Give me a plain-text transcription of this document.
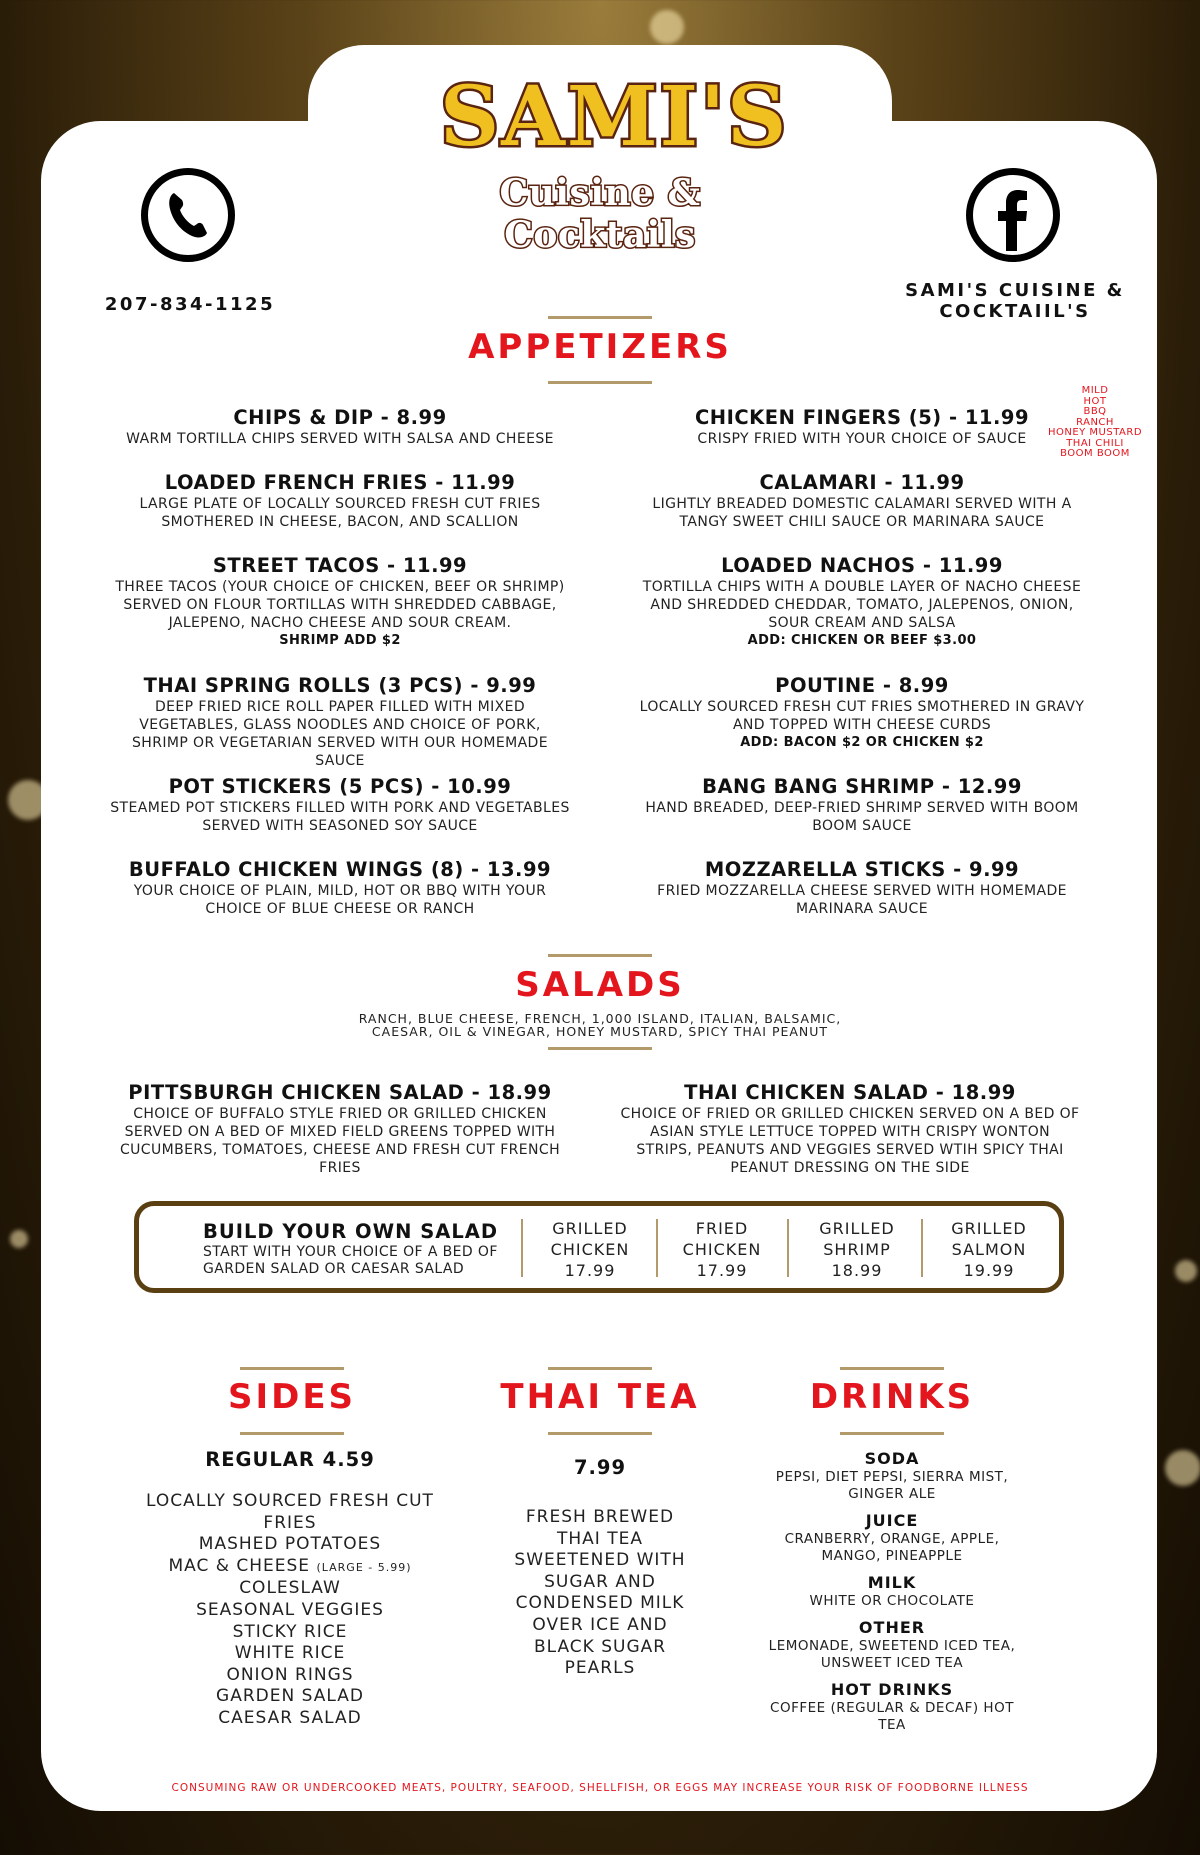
SAMI'S
Cuisine & Cocktails
207-834-1125
SAMI'S CUISINE &
COCKTAIIL'S
APPETIZERS
CHIPS & DIP - 8.99
WARM TORTILLA CHIPS SERVED WITH SALSA AND CHEESE
LOADED FRENCH FRIES - 11.99
LARGE PLATE OF LOCALLY SOURCED FRESH CUT FRIES SMOTHERED IN CHEESE, BACON, AND SCALLION
STREET TACOS - 11.99
THREE TACOS (YOUR CHOICE OF CHICKEN, BEEF OR SHRIMP) SERVED ON FLOUR TORTILLAS WITH SHREDDED CABBAGE, JALEPENO, NACHO CHEESE AND SOUR CREAM.
SHRIMP ADD $2
THAI SPRING ROLLS (3 PCS) - 9.99
DEEP FRIED RICE ROLL PAPER FILLED WITH MIXED VEGETABLES, GLASS NOODLES AND CHOICE OF PORK, SHRIMP OR VEGETARIAN SERVED WITH OUR HOMEMADE SAUCE
POT STICKERS (5 PCS) - 10.99
STEAMED POT STICKERS FILLED WITH PORK AND VEGETABLES SERVED WITH SEASONED SOY SAUCE
BUFFALO CHICKEN WINGS (8) - 13.99
YOUR CHOICE OF PLAIN, MILD, HOT OR BBQ WITH YOUR CHOICE OF BLUE CHEESE OR RANCH
CHICKEN FINGERS (5) - 11.99
CRISPY FRIED WITH YOUR CHOICE OF SAUCE
CALAMARI - 11.99
LIGHTLY BREADED DOMESTIC CALAMARI SERVED WITH A TANGY SWEET CHILI SAUCE OR MARINARA SAUCE
LOADED NACHOS - 11.99
TORTILLA CHIPS WITH A DOUBLE LAYER OF NACHO CHEESE AND SHREDDED CHEDDAR, TOMATO, JALEPENOS, ONION, SOUR CREAM AND SALSA
ADD: CHICKEN OR BEEF $3.00
POUTINE - 8.99
LOCALLY SOURCED FRESH CUT FRIES SMOTHERED IN GRAVY AND TOPPED WITH CHEESE CURDS
ADD: BACON $2 OR CHICKEN $2
BANG BANG SHRIMP - 12.99
HAND BREADED, DEEP-FRIED SHRIMP SERVED WITH BOOM BOOM SAUCE
MOZZARELLA STICKS - 9.99
FRIED MOZZARELLA CHEESE SERVED WITH HOMEMADE MARINARA SAUCE
MILD
HOT
BBQ
RANCH
HONEY MUSTARD
THAI CHILI
BOOM BOOM
SALADS
RANCH, BLUE CHEESE, FRENCH, 1,000 ISLAND, ITALIAN, BALSAMIC, CAESAR, OIL & VINEGAR, HONEY MUSTARD, SPICY THAI PEANUT
PITTSBURGH CHICKEN SALAD - 18.99
CHOICE OF BUFFALO STYLE FRIED OR GRILLED CHICKEN SERVED ON A BED OF MIXED FIELD GREENS TOPPED WITH CUCUMBERS, TOMATOES, CHEESE AND FRESH CUT FRENCH FRIES
THAI CHICKEN SALAD - 18.99
CHOICE OF FRIED OR GRILLED CHICKEN SERVED ON A BED OF ASIAN STYLE LETTUCE TOPPED WITH CRISPY WONTON STRIPS, PEANUTS AND VEGGIES SERVED WTIH SPICY THAI PEANUT DRESSING ON THE SIDE
BUILD YOUR OWN SALAD
START WITH YOUR CHOICE OF A BED OF GARDEN SALAD OR CAESAR SALAD
GRILLED
CHICKEN
17.99
FRIED
CHICKEN
17.99
GRILLED
SHRIMP
18.99
GRILLED
SALMON
19.99
SIDES
REGULAR 4.59
LOCALLY SOURCED FRESH CUT
FRIES
MASHED POTATOES
MAC & CHEESE (LARGE - 5.99)
COLESLAW
SEASONAL VEGGIES
STICKY RICE
WHITE RICE
ONION RINGS
GARDEN SALAD
CAESAR SALAD
THAI TEA
7.99
FRESH BREWED
THAI TEA
SWEETENED WITH
SUGAR AND
CONDENSED MILK
OVER ICE AND
BLACK SUGAR
PEARLS
DRINKS
SODA
PEPSI, DIET PEPSI, SIERRA MIST, GINGER ALE
JUICE
CRANBERRY, ORANGE, APPLE, MANGO, PINEAPPLE
MILK
WHITE OR CHOCOLATE
OTHER
LEMONADE, SWEETEND ICED TEA, UNSWEET ICED TEA
HOT DRINKS
COFFEE (REGULAR & DECAF) HOT TEA
CONSUMING RAW OR UNDERCOOKED MEATS, POULTRY, SEAFOOD, SHELLFISH, OR EGGS MAY INCREASE YOUR RISK OF FOODBORNE ILLNESS
